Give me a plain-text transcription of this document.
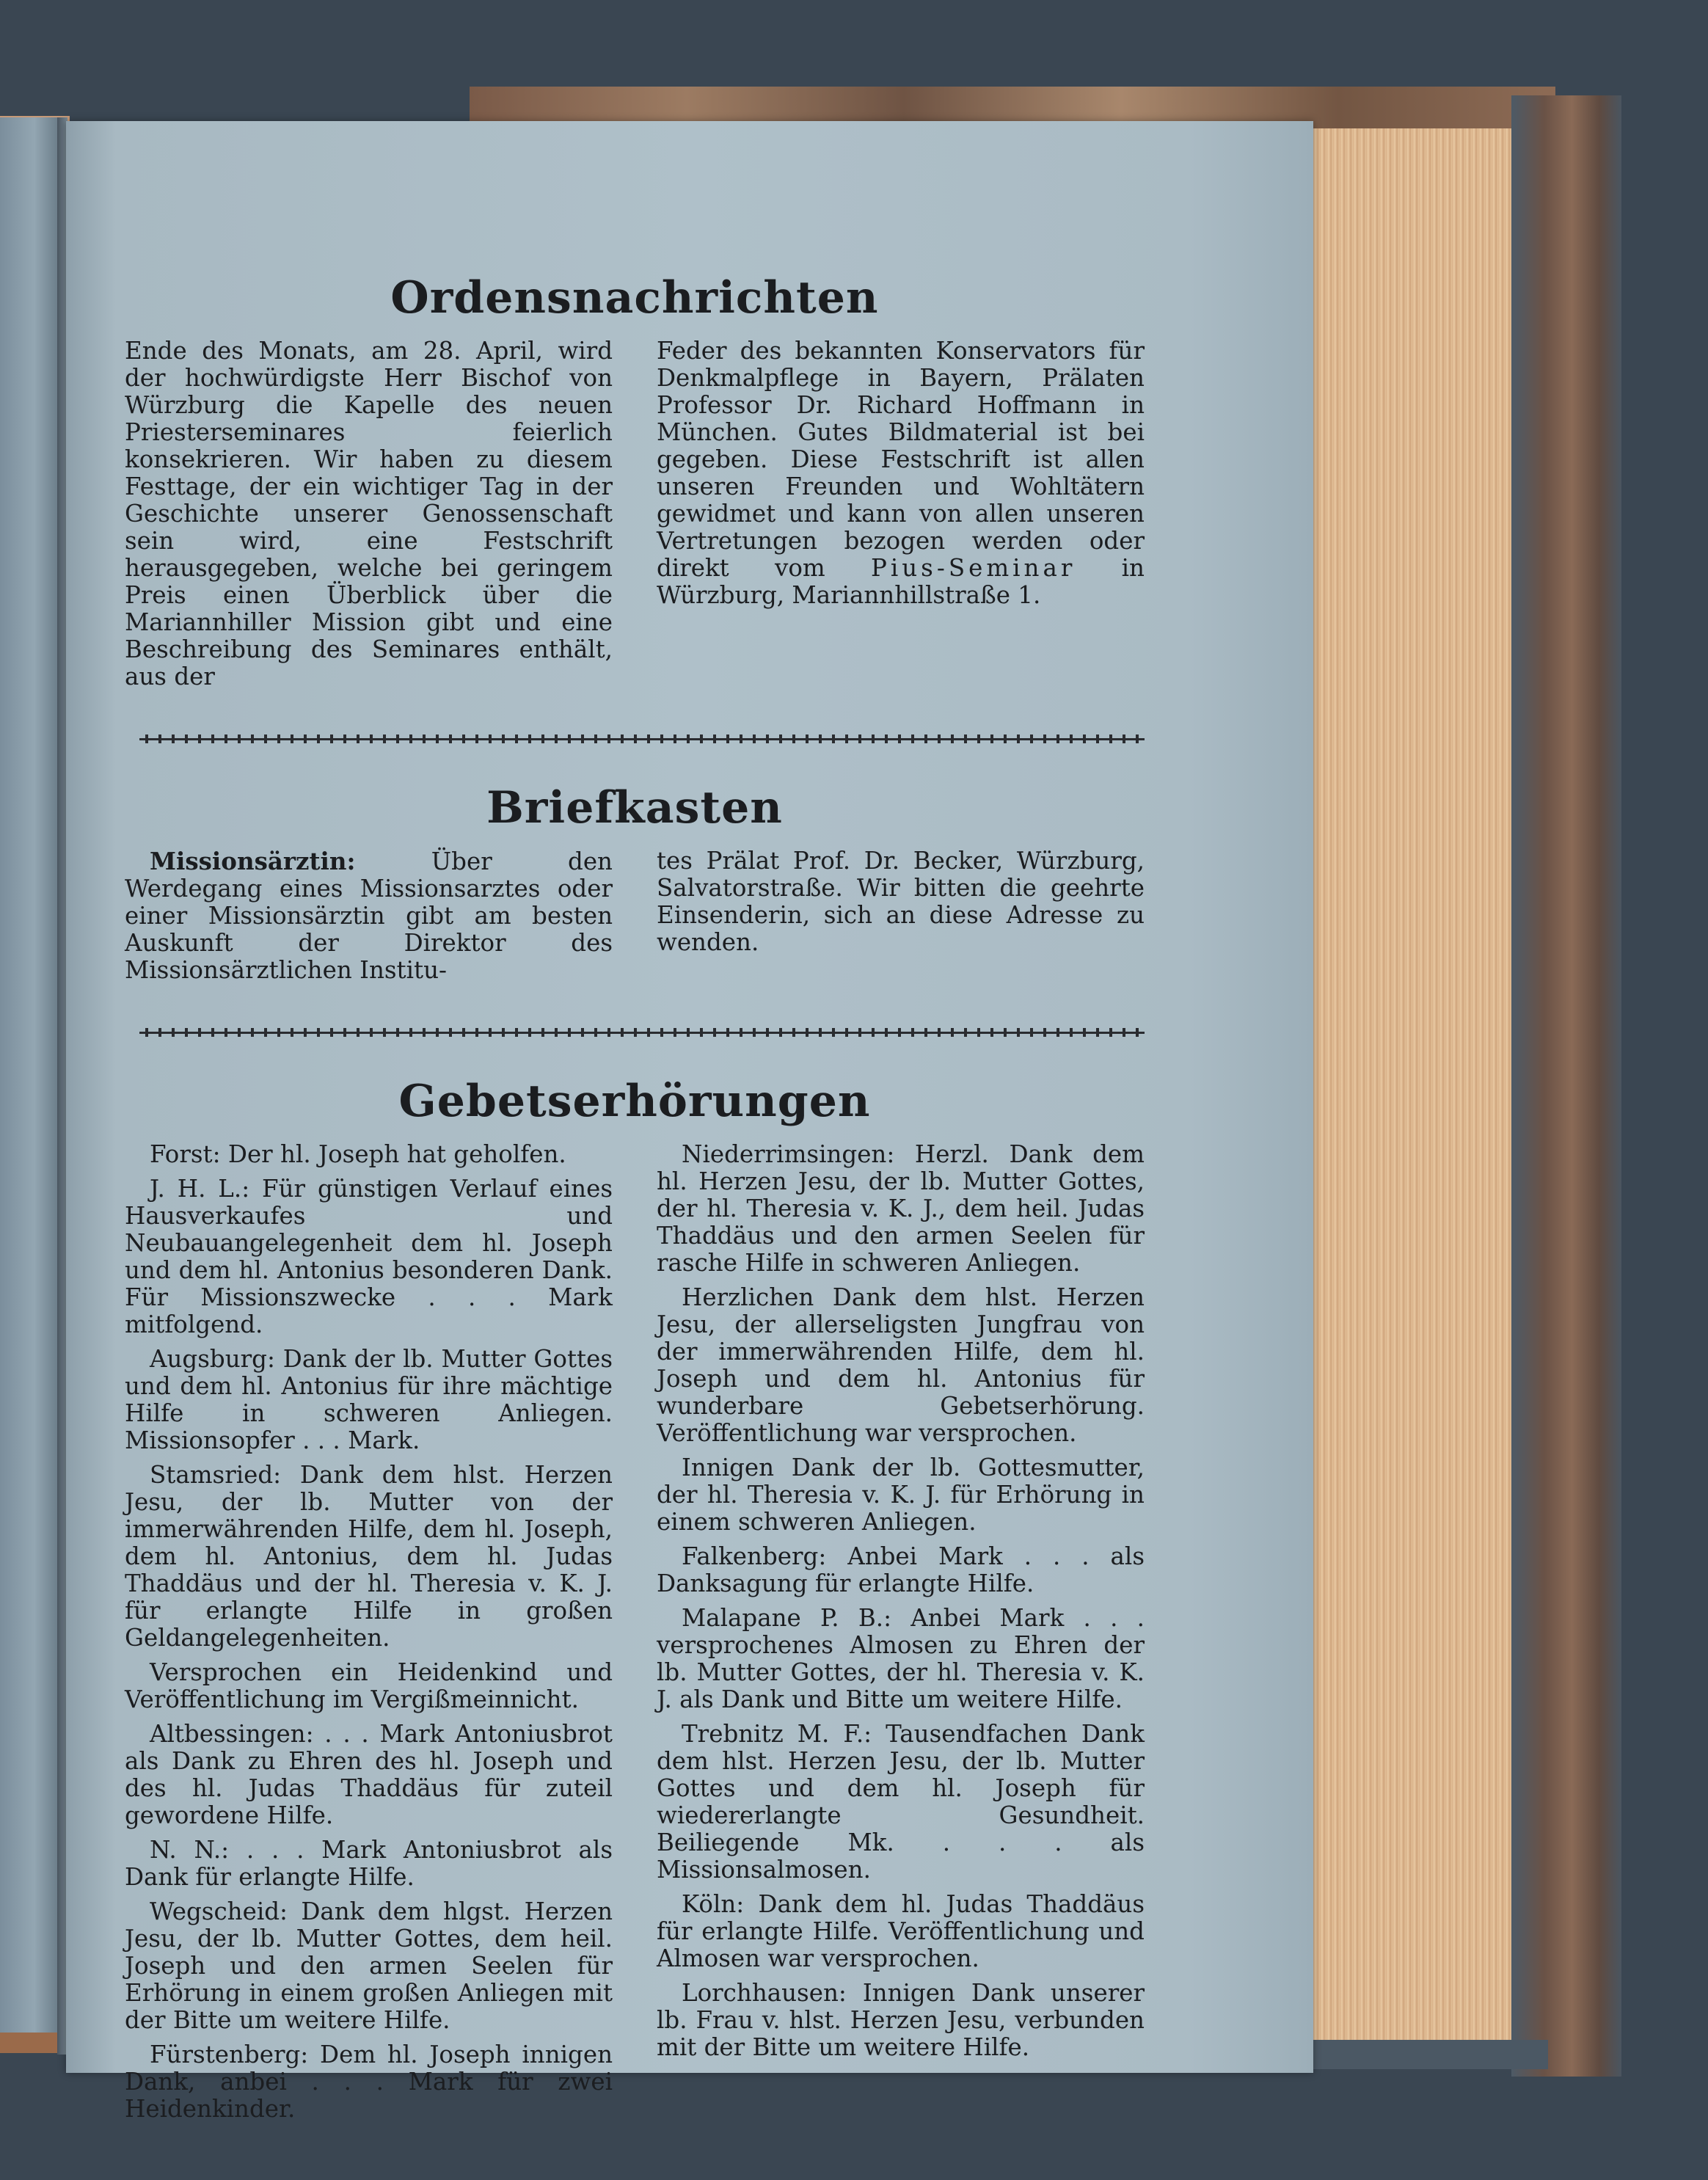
Ordensnachrichten

Ende des Monats, am 28. April, wird der hochwürdigste Herr Bischof von Würzburg die Kapelle des neuen Priesterseminares feierlich konsekrieren. Wir haben zu diesem Festtage, der ein wichtiger Tag in der Geschichte unserer Genossenschaft sein wird, eine Festschrift herausgegeben, welche bei geringem Preis einen Überblick über die Mariannhiller Mission gibt und eine Beschreibung des Seminares enthält, aus der

Feder des bekannten Konservators für Denkmalpflege in Bayern, Prälaten Professor Dr. Richard Hoffmann in München. Gutes Bildmaterial ist bei gegeben. Diese Festschrift ist allen unseren Freunden und Wohltätern gewidmet und kann von allen unseren Vertretungen bezogen werden oder direkt vom Pius-Seminar in Würzburg, Mariannhillstraße 1.

Briefkasten

Missionsärztin:	Über den Werdegang eines Missionsarztes oder einer Missionsärztin gibt am besten Auskunft der Direktor des Missionsärztlichen Institu-

tes Prälat Prof. Dr. Becker, Würzburg, Salvatorstraße. Wir bitten die geehrte Einsenderin, sich an diese Adresse zu wenden.

Gebetserhörungen

Forst: Der hl. Joseph hat geholfen.

J. H. L.: Für günstigen Verlauf eines Hausverkaufes und Neubauangelegenheit dem hl. Joseph und dem hl. Antonius besonderen Dank. Für Missionszwecke . . . Mark mitfolgend.

Augsburg: Dank der lb. Mutter Gottes und dem hl. Antonius für ihre mächtige Hilfe in schweren Anliegen. Missionsopfer . . . Mark.

Stamsried: Dank dem hlst. Herzen Jesu, der lb. Mutter von der immerwährenden Hilfe, dem hl. Joseph, dem hl. Antonius, dem hl. Judas Thaddäus und der hl. Theresia v. K. J. für erlangte Hilfe in großen Geldangelegenheiten.

Versprochen ein Heidenkind und Veröffentlichung im Vergißmeinnicht.

Altbessingen: . . . Mark Antoniusbrot als Dank zu Ehren des hl. Joseph und des hl. Judas Thaddäus für zuteil gewordene Hilfe.

N. N.: . . . Mark Antoniusbrot als Dank für erlangte Hilfe.

Wegscheid: Dank dem hlgst. Herzen Jesu, der lb. Mutter Gottes, dem heil. Joseph und den armen Seelen für Erhörung in einem großen Anliegen mit der Bitte um weitere Hilfe.

Fürstenberg: Dem hl. Joseph innigen Dank, anbei . . . Mark für zwei Heidenkinder.

Niederrimsingen: Herzl. Dank dem hl. Herzen Jesu, der lb. Mutter Gottes, der hl. Theresia v. K. J., dem heil. Judas Thaddäus und den armen Seelen für rasche Hilfe in schweren Anliegen.

Herzlichen Dank dem hlst. Herzen Jesu, der allerseligsten Jungfrau von der immerwährenden Hilfe, dem hl. Joseph und dem hl. Antonius für wunderbare Gebetserhörung. Veröffentlichung war versprochen.

Innigen Dank der lb. Gottesmutter, der hl. Theresia v. K. J. für Erhörung in einem schweren Anliegen.

Falkenberg: Anbei Mark . . . als Danksagung für erlangte Hilfe.

Malapane P. B.: Anbei Mark . . . versprochenes Almosen zu Ehren der lb. Mutter Gottes, der hl. Theresia v. K. J. als Dank und Bitte um weitere Hilfe.

Trebnitz M. F.: Tausendfachen Dank dem hlst. Herzen Jesu, der lb. Mutter Gottes und dem hl. Joseph für wiedererlangte Gesundheit. Beiliegende Mk. . . . als Missionsalmosen.

Köln: Dank dem hl. Judas Thaddäus für erlangte Hilfe. Veröffentlichung und Almosen war versprochen.

Lorchhausen: Innigen Dank unserer lb. Frau v. hlst. Herzen Jesu, verbunden mit der Bitte um weitere Hilfe.
